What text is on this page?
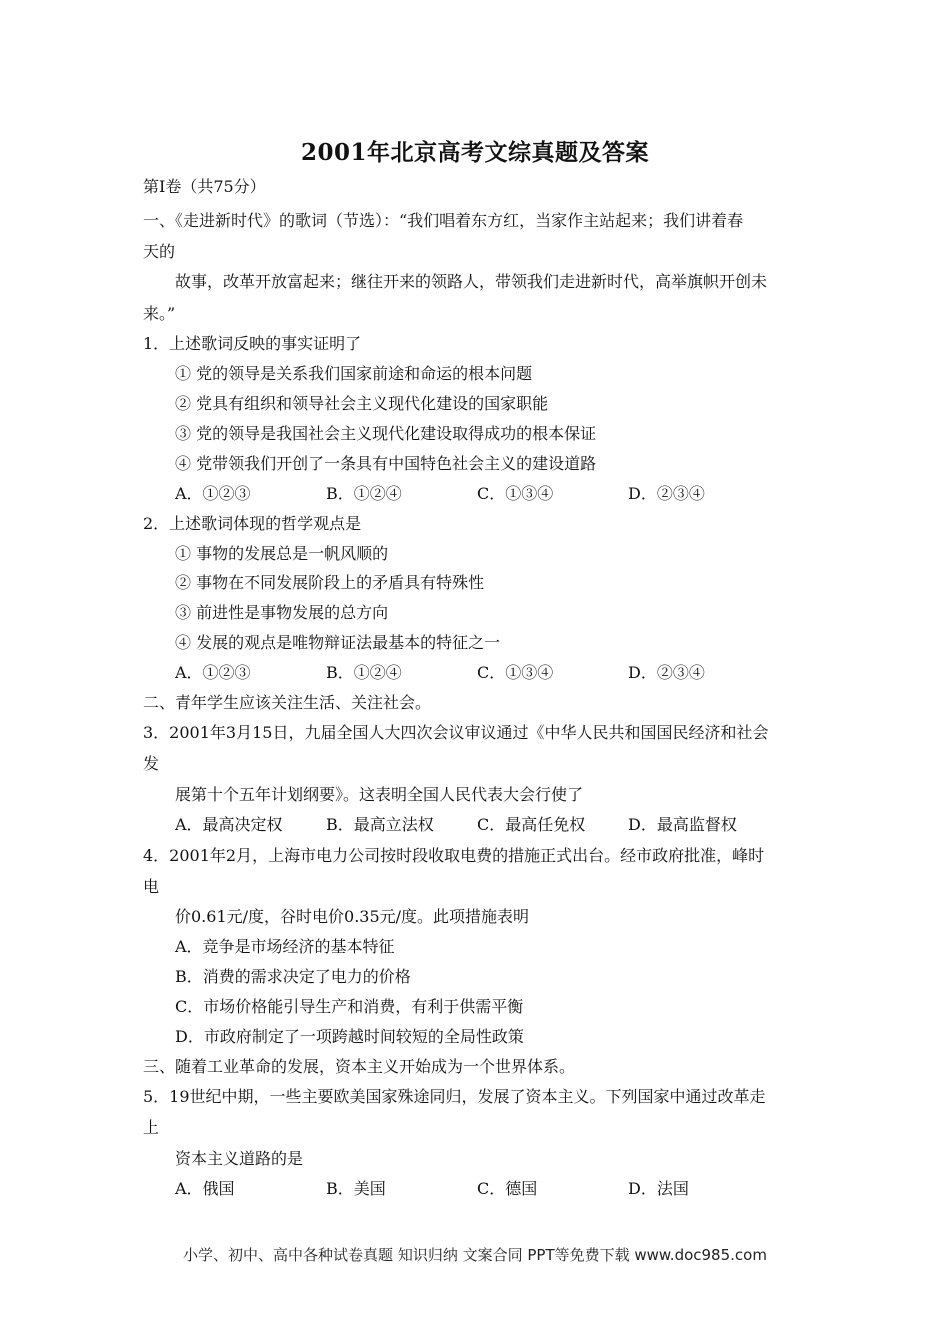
2001年北京高考文综真题及答案
第Ⅰ卷（共75分）
一、《走进新时代》的歌词（节选）：“我们唱着东方红，当家作主站起来；我们讲着春
天的
故事，改革开放富起来；继往开来的领路人，带领我们走进新时代，高举旗帜开创未
来。”
1．上述歌词反映的事实证明了
① 党的领导是关系我们国家前途和命运的根本问题
② 党具有组织和领导社会主义现代化建设的国家职能
③ 党的领导是我国社会主义现代化建设取得成功的根本保证
④ 党带领我们开创了一条具有中国特色社会主义的建设道路
A．①②③	B．①②④	C．①③④	D．②③④
2．上述歌词体现的哲学观点是
① 事物的发展总是一帆风顺的
② 事物在不同发展阶段上的矛盾具有特殊性
③ 前进性是事物发展的总方向
④ 发展的观点是唯物辩证法最基本的特征之一
A．①②③	B．①②④	C．①③④	D．②③④
二、青年学生应该关注生活、关注社会。
3．2001年3月15日，九届全国人大四次会议审议通过《中华人民共和国国民经济和社会
发
展第十个五年计划纲要》。这表明全国人民代表大会行使了
A．最高决定权	B．最高立法权	C．最高任免权	D．最高监督权
4．2001年2月，上海市电力公司按时段收取电费的措施正式出台。经市政府批准，峰时
电
价0.61元/度，谷时电价0.35元/度。此项措施表明
A．竞争是市场经济的基本特征
B．消费的需求决定了电力的价格
C．市场价格能引导生产和消费，有利于供需平衡
D．市政府制定了一项跨越时间较短的全局性政策
三、随着工业革命的发展，资本主义开始成为一个世界体系。
5．19世纪中期，一些主要欧美国家殊途同归，发展了资本主义。下列国家中通过改革走
上
资本主义道路的是
A．俄国	B．美国	C．德国	D．法国
小学、初中、高中各种试卷真题 知识归纳 文案合同 PPT等免费下载 www.doc985.com
